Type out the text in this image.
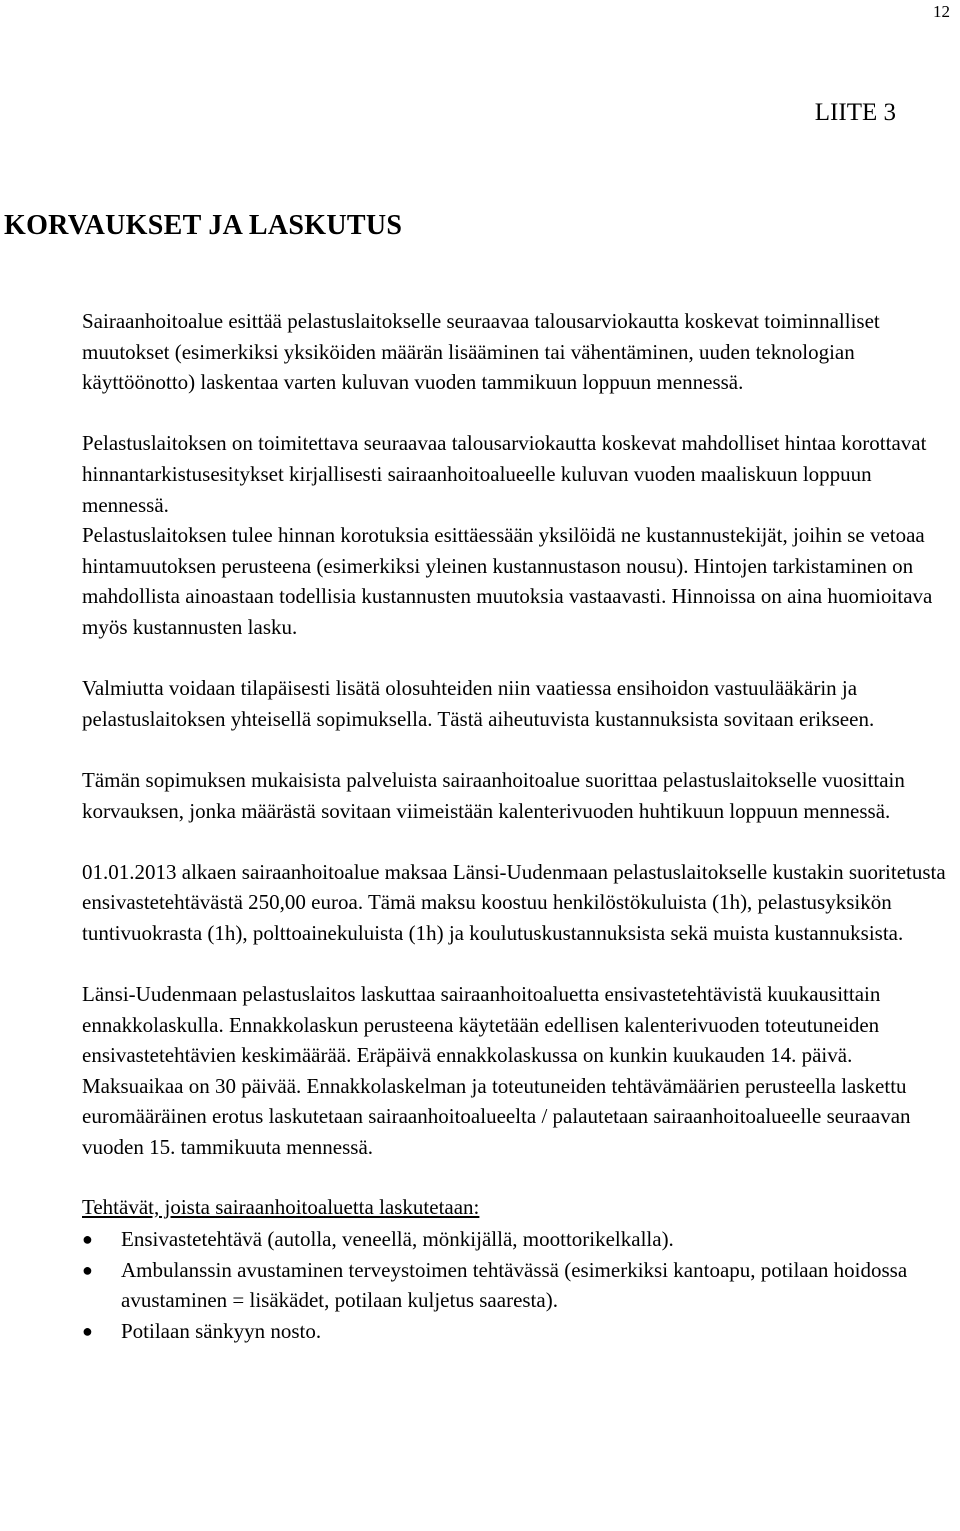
12
LIITE 3
KORVAUKSET JA LASKUTUS

Sairaanhoitoalue esittää pelastuslaitokselle seuraavaa talousarviokautta koskevat toiminnalliset muutokset (esimerkiksi yksiköiden määrän lisääminen tai vähentäminen, uuden teknologian käyttöönotto) laskentaa varten kuluvan vuoden tammikuun loppuun mennessä.

Pelastuslaitoksen on toimitettava seuraavaa talousarviokautta koskevat mahdolliset hintaa korottavat hinnantarkistusesitykset kirjallisesti sairaanhoitoalueelle kuluvan vuoden maaliskuun loppuun mennessä.

Pelastuslaitoksen tulee hinnan korotuksia esittäessään yksilöidä ne kustannustekijät, joihin se vetoaa hintamuutoksen perusteena (esimerkiksi yleinen kustannustason nousu). Hintojen tarkistaminen on mahdollista ainoastaan todellisia kustannusten muutoksia vastaavasti. Hinnoissa on aina huomioitava myös kustannusten lasku.

Valmiutta voidaan tilapäisesti lisätä olosuhteiden niin vaatiessa ensihoidon vastuulääkärin ja pelastuslaitoksen yhteisellä sopimuksella. Tästä aiheutuvista kustannuksista sovitaan erikseen.

Tämän sopimuksen mukaisista palveluista sairaanhoitoalue suorittaa pelastuslaitokselle vuosittain korvauksen, jonka määrästä sovitaan viimeistään kalenterivuoden huhtikuun loppuun mennessä.

01.01.2013 alkaen sairaanhoitoalue maksaa Länsi-Uudenmaan pelastuslaitokselle kustakin suoritetusta ensivastetehtävästä 250,00 euroa. Tämä maksu koostuu henkilöstökuluista (1h), pelastusyksikön tuntivuokrasta (1h), polttoainekuluista (1h) ja koulutuskustannuksista sekä muista kustannuksista.

Länsi-Uudenmaan pelastuslaitos laskuttaa sairaanhoitoaluetta ensivastetehtävistä kuukausittain ennakkolaskulla. Ennakkolaskun perusteena käytetään edellisen kalenterivuoden toteutuneiden ensivastetehtävien keskimäärää. Eräpäivä ennakkolaskussa on kunkin kuukauden 14. päivä. Maksuaikaa on 30 päivää. Ennakkolaskelman ja toteutuneiden tehtävämäärien perusteella laskettu euromääräinen erotus laskutetaan sairaanhoitoalueelta / palautetaan sairaanhoitoalueelle seuraavan vuoden 15. tammikuuta mennessä.

Tehtävät, joista sairaanhoitoaluetta laskutetaan:

● Ensivastetehtävä (autolla, veneellä, mönkijällä, moottorikelkalla).
● Ambulanssin avustaminen terveystoimen tehtävässä (esimerkiksi kantoapu, potilaan hoidossa avustaminen = lisäkädet, potilaan kuljetus saaresta).
● Potilaan sänkyyn nosto.
